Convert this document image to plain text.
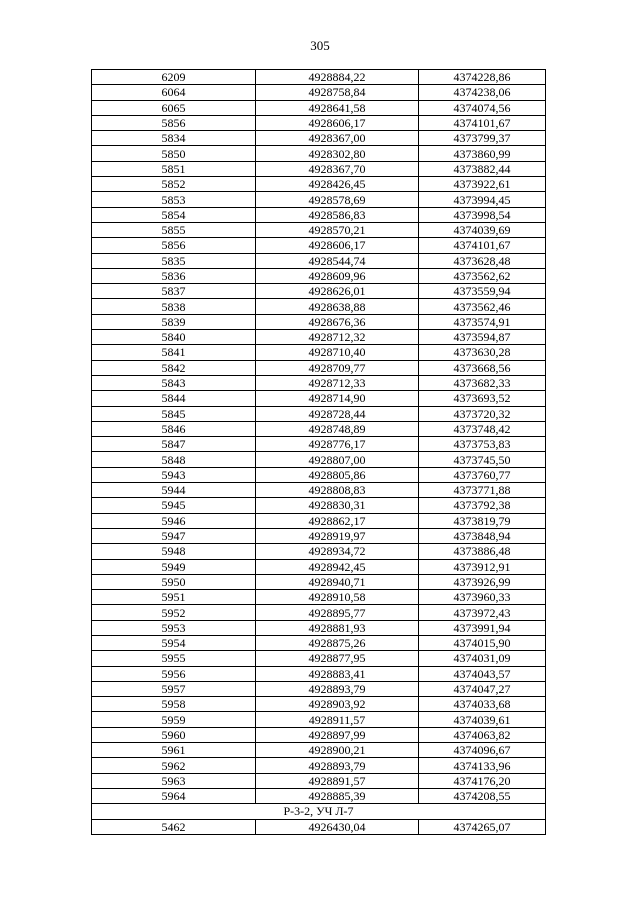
305
6209	4928884,22	4374228,86
6064	4928758,84	4374238,06
6065	4928641,58	4374074,56
5856	4928606,17	4374101,67
5834	4928367,00	4373799,37
5850	4928302,80	4373860,99
5851	4928367,70	4373882,44
5852	4928426,45	4373922,61
5853	4928578,69	4373994,45
5854	4928586,83	4373998,54
5855	4928570,21	4374039,69
5856	4928606,17	4374101,67
5835	4928544,74	4373628,48
5836	4928609,96	4373562,62
5837	4928626,01	4373559,94
5838	4928638,88	4373562,46
5839	4928676,36	4373574,91
5840	4928712,32	4373594,87
5841	4928710,40	4373630,28
5842	4928709,77	4373668,56
5843	4928712,33	4373682,33
5844	4928714,90	4373693,52
5845	4928728,44	4373720,32
5846	4928748,89	4373748,42
5847	4928776,17	4373753,83
5848	4928807,00	4373745,50
5943	4928805,86	4373760,77
5944	4928808,83	4373771,88
5945	4928830,31	4373792,38
5946	4928862,17	4373819,79
5947	4928919,97	4373848,94
5948	4928934,72	4373886,48
5949	4928942,45	4373912,91
5950	4928940,71	4373926,99
5951	4928910,58	4373960,33
5952	4928895,77	4373972,43
5953	4928881,93	4373991,94
5954	4928875,26	4374015,90
5955	4928877,95	4374031,09
5956	4928883,41	4374043,57
5957	4928893,79	4374047,27
5958	4928903,92	4374033,68
5959	4928911,57	4374039,61
5960	4928897,99	4374063,82
5961	4928900,21	4374096,67
5962	4928893,79	4374133,96
5963	4928891,57	4374176,20
5964	4928885,39	4374208,55
Р-3-2, УЧ Л-7		
5462	4926430,04	4374265,07
